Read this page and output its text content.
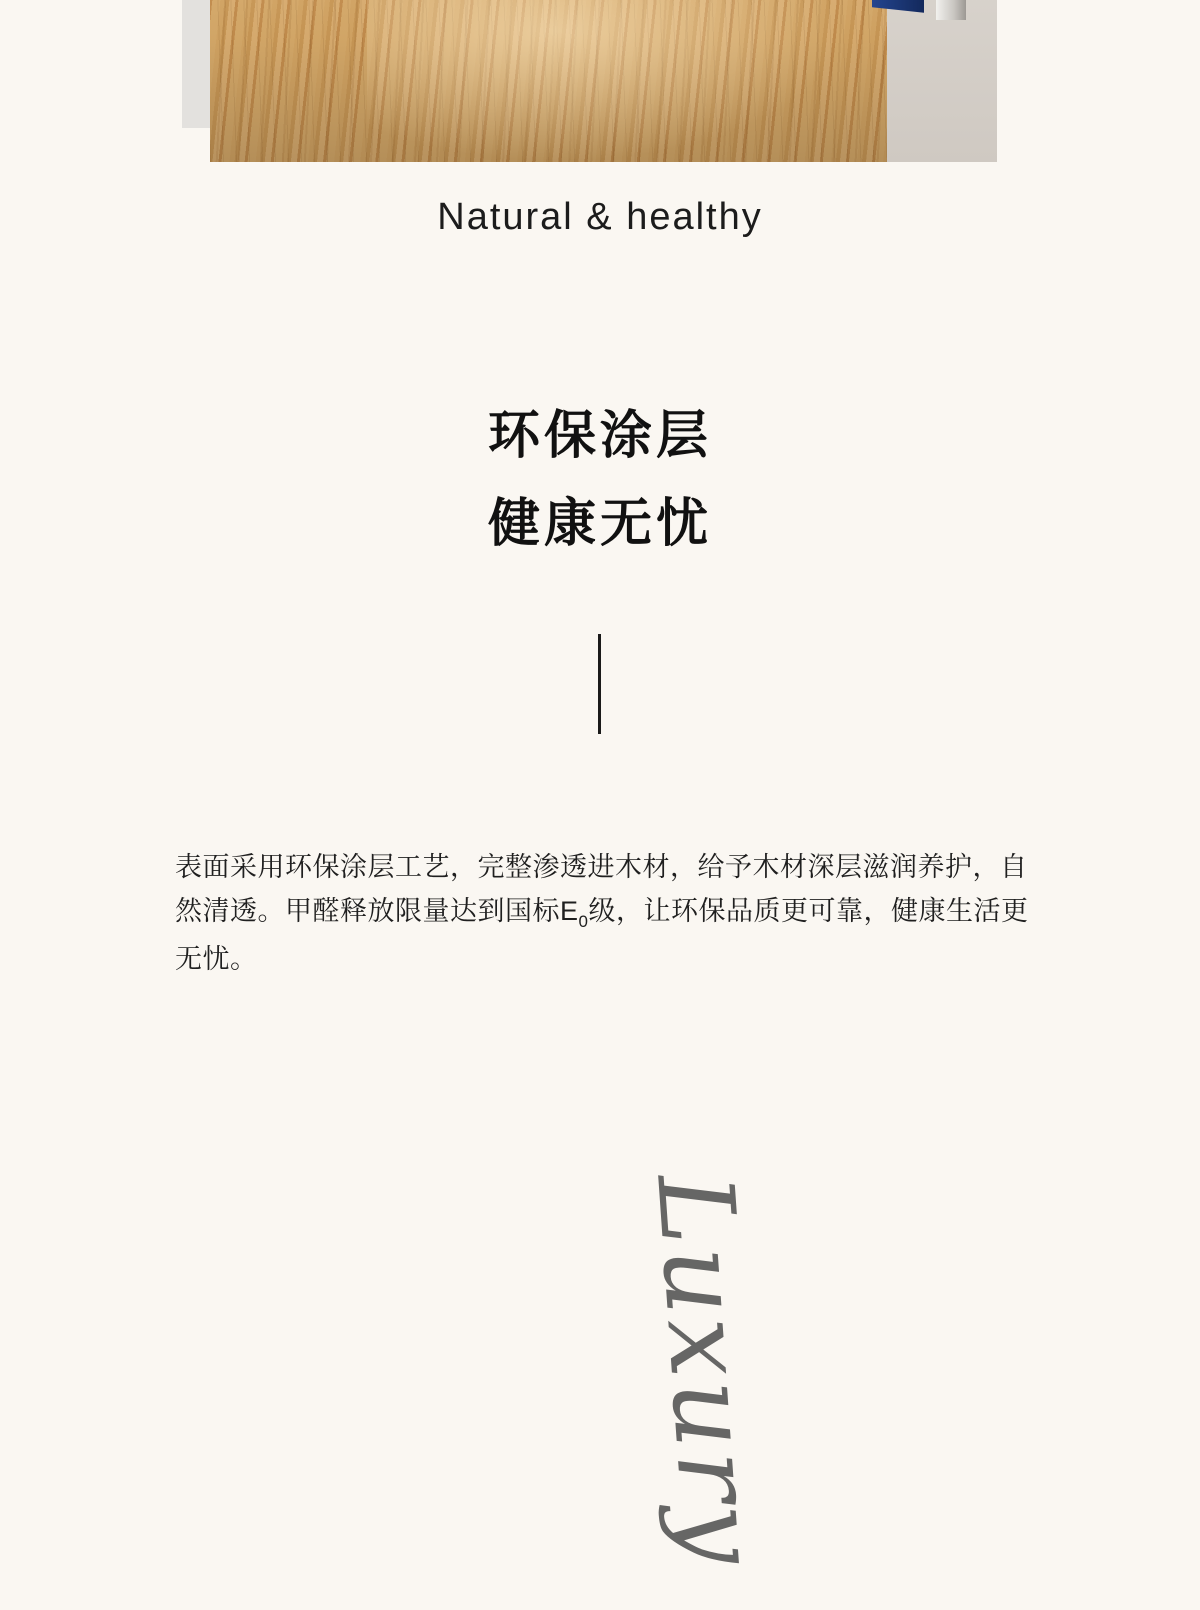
Natural & healthy
环保涂层
健康无忧

表面采用环保涂层工艺，完整渗透进木材，给予木材深层滋润养护，自然清透。甲醛释放限量达到国标$E_0$级，让环保品质更可靠，健康生活更无忧。

Luxury
